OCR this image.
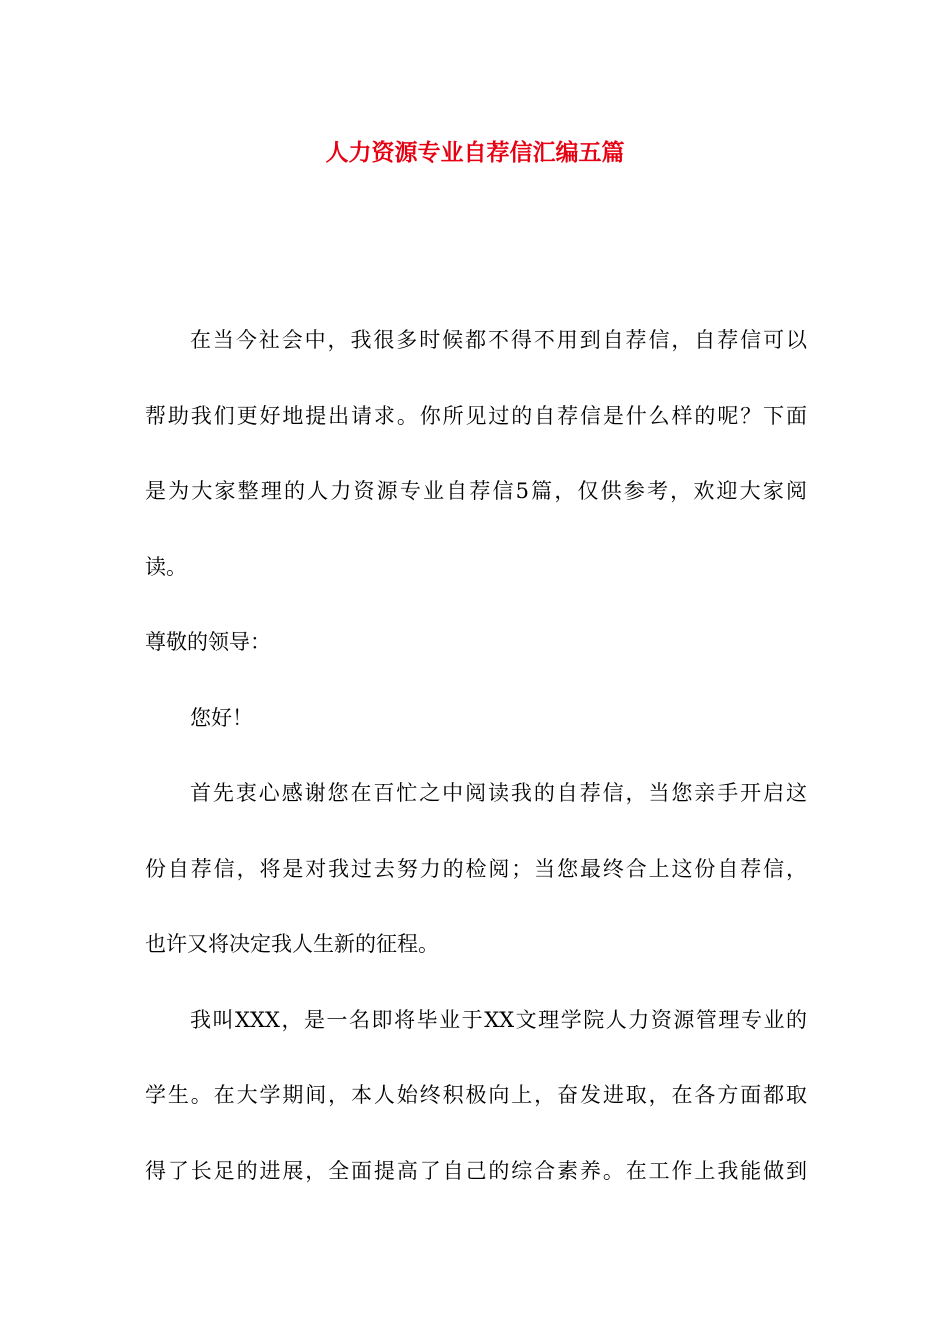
人力资源专业自荐信汇编五篇
在当今社会中，我很多时候都不得不用到自荐信，自荐信可以
帮助我们更好地提出请求。你所见过的自荐信是什么样的呢？下面
是为大家整理的人力资源专业自荐信5篇，仅供参考，欢迎大家阅
读。
尊敬的领导：
您好！
首先衷心感谢您在百忙之中阅读我的自荐信，当您亲手开启这
份自荐信，将是对我过去努力的检阅；当您最终合上这份自荐信，
也许又将决定我人生新的征程。
我叫XXX，是一名即将毕业于XX文理学院人力资源管理专业的
学生。在大学期间，本人始终积极向上，奋发进取，在各方面都取
得了长足的进展，全面提高了自己的综合素养。在工作上我能做到
